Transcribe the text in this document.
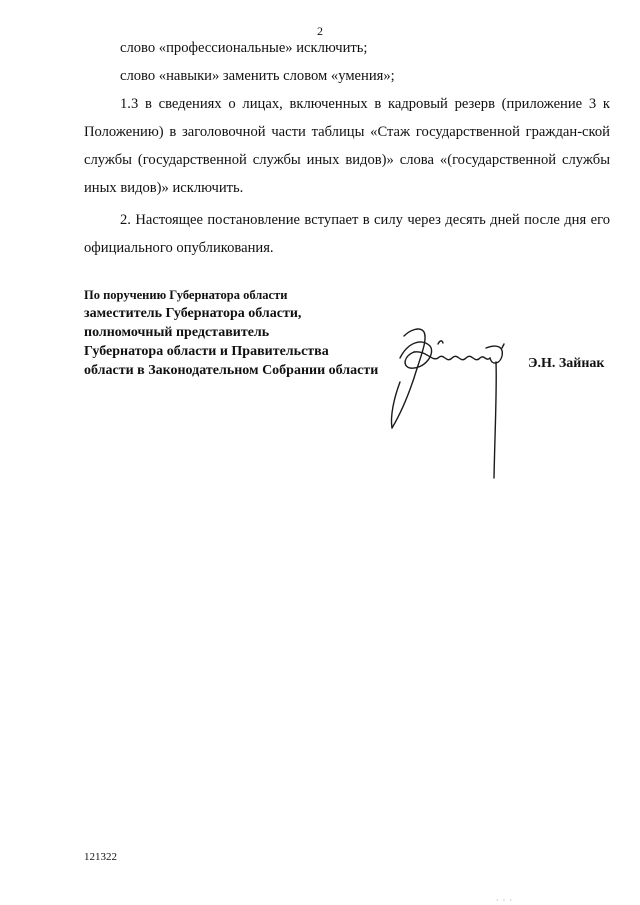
2

слово «профессиональные» исключить;

слово «навыки» заменить словом «умения»;

1.3 в сведениях о лицах, включенных в кадровый резерв (приложение 3 к Положению) в заголовочной части таблицы «Стаж государственной граждан-ской службы (государственной службы иных видов)» слова «(государственной службы иных видов)» исключить.

2. Настоящее постановление вступает в силу через десять дней после дня его официального опубликования.

По поручению Губернатора области
заместитель Губернатора области,
полномочный представитель
Губернатора области и Правительства
области в Законодательном Собрании области	Э.Н. Зайнак
121322
· · ·
